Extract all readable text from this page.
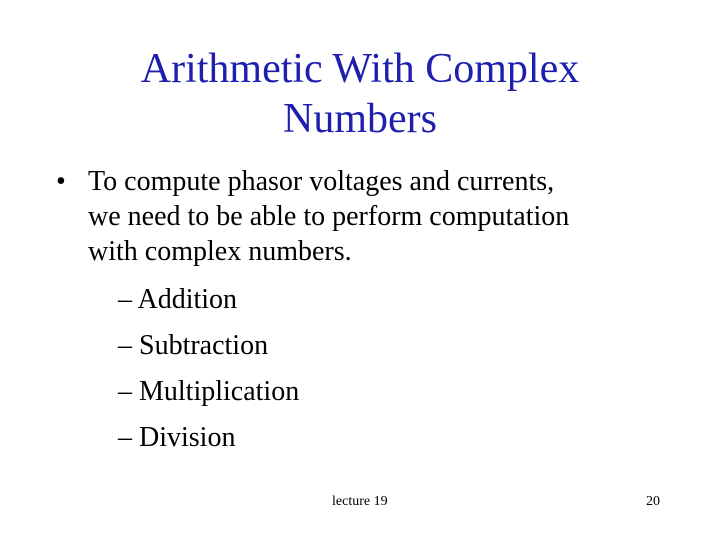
Arithmetic With Complex
Numbers
• To compute phasor voltages and currents,
we need to be able to perform computation
with complex numbers.
– Addition
– Subtraction
– Multiplication
– Division
lecture 19	20
